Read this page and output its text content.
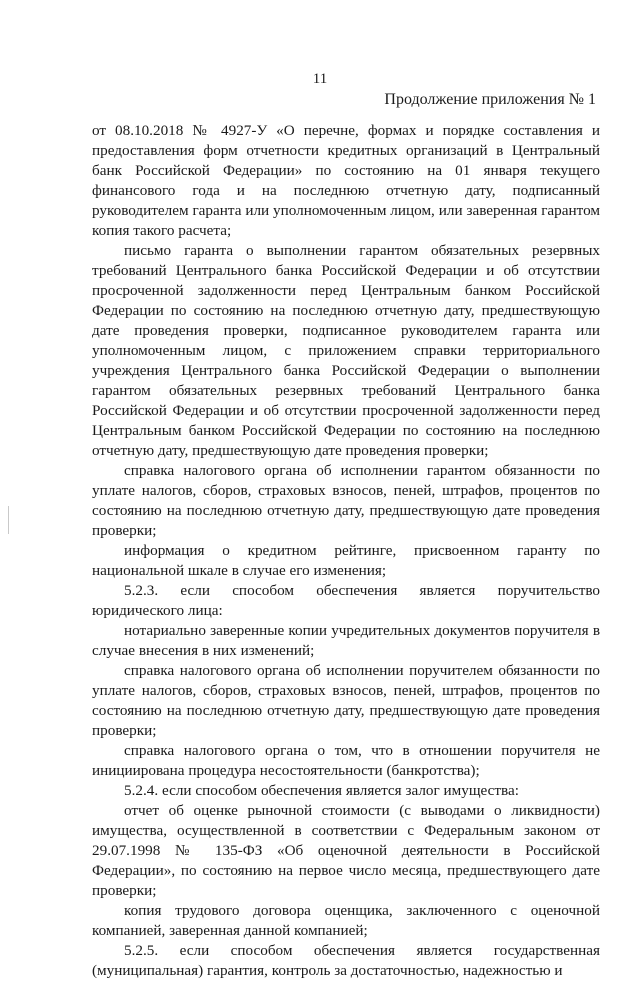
11
Продолжение приложения № 1

от 08.10.2018 № 4927-У «О перечне, формах и порядке составления и предоставления форм отчетности кредитных организаций в Центральный банк Российской Федерации» по состоянию на 01 января текущего финансового года и на последнюю отчетную дату, подписанный руководителем гаранта или уполномоченным лицом, или заверенная гарантом копия такого расчета;

письмо гаранта о выполнении гарантом обязательных резервных требований Центрального банка Российской Федерации и об отсутствии просроченной задолженности перед Центральным банком Российской Федерации по состоянию на последнюю отчетную дату, предшествующую дате проведения проверки, подписанное руководителем гаранта или уполномоченным лицом, с приложением справки территориального учреждения Центрального банка Российской Федерации о выполнении гарантом обязательных резервных требований Центрального банка Российской Федерации и об отсутствии просроченной задолженности перед Центральным банком Российской Федерации по состоянию на последнюю отчетную дату, предшествующую дате проведения проверки;

справка налогового органа об исполнении гарантом обязанности по уплате налогов, сборов, страховых взносов, пеней, штрафов, процентов по состоянию на последнюю отчетную дату, предшествующую дате проведения проверки;

информация о кредитном рейтинге, присвоенном гаранту по национальной шкале в случае его изменения;

5.2.3. если способом обеспечения является поручительство юридического лица:

нотариально заверенные копии учредительных документов поручителя в случае внесения в них изменений;

справка налогового органа об исполнении поручителем обязанности по уплате налогов, сборов, страховых взносов, пеней, штрафов, процентов по состоянию на последнюю отчетную дату, предшествующую дате проведения проверки;

справка налогового органа о том, что в отношении поручителя не инициирована процедура несостоятельности (банкротства);

5.2.4. если способом обеспечения является залог имущества:

отчет об оценке рыночной стоимости (с выводами о ликвидности) имущества, осуществленной в соответствии с Федеральным законом от 29.07.1998 № 135-ФЗ «Об оценочной деятельности в Российской Федерации», по состоянию на первое число месяца, предшествующего дате проверки;

копия трудового договора оценщика, заключенного с оценочной компанией, заверенная данной компанией;

5.2.5. если способом обеспечения является государственная (муниципальная) гарантия, контроль за достаточностью, надежностью и
